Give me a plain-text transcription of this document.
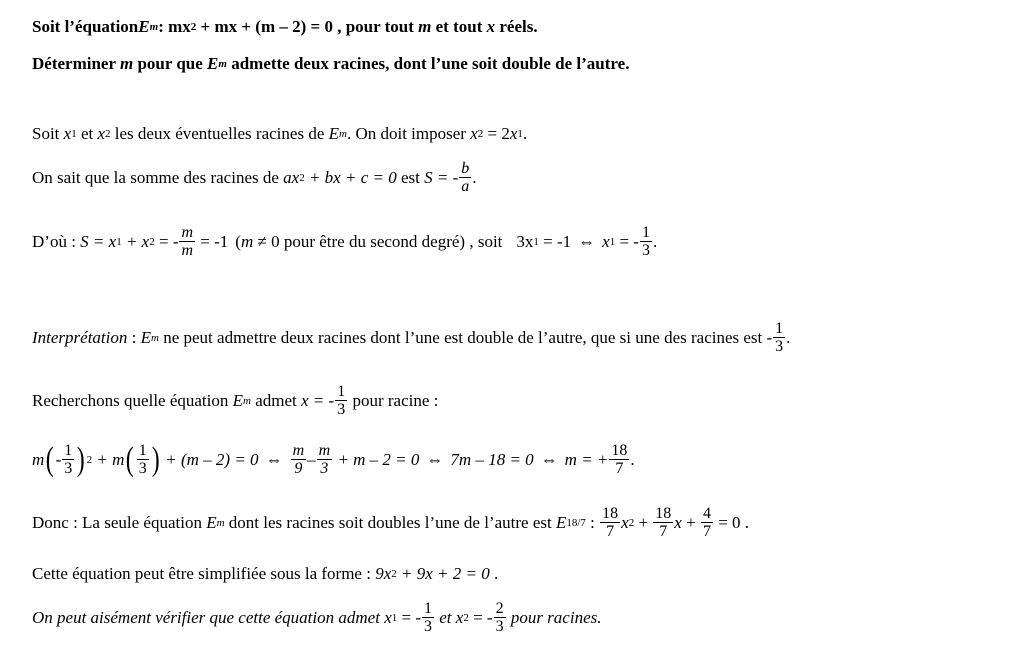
Soit l’équation E m : mx 2 + mx + (m – 2) = 0 , pour tout m et tout x réels.
Déterminer m pour que E m admette deux racines, dont l’une soit double de l’autre.
Soit x 1 et x 2 les deux éventuelles racines de E m . On doit imposer x 2 = 2 x 1 .
On sait que la somme des racines de ax 2 + bx + c = 0 est S = - $\frac{b}{a}$ .
D’où : S = x 1 + x 2 = - $\frac{m}{m} = -1$ ( m ≠ 0 pour être du second degré) , soit 3x 1 = -1 ⇔ x 1 = - $\frac{1}{3}$ .
Interprétation : E m ne peut admettre deux racines dont l’une est double de l’autre, que si une des racines est - $\frac{1}{3}$ .
Recherchons quelle équation E m admet x = - $\frac{1}{3}$ pour racine :
m ( - $\frac{1}{3}$ ) 2 + m ( $\frac{1}{3}$ ) + (m – 2) = 0 ⇔ $\frac{m}{9} - \frac{m}{3} + m - 2 = 0$ ⇔ 7m – 18 = 0 ⇔ m = + $\frac{18}{7}$ .
Donc : La seule équation E m dont les racines soit doubles l’une de l’autre est E 18/7 : $\frac{18}{7}$ x $2 + \frac{18}{7}$ $x + \frac{4}{7} = 0$ .
Cette équation peut être simplifiée sous la forme : 9x 2 + 9x + 2 = 0 .
On peut aisément vérifier que cette équation admet x 1 = - $\frac{1}{3}$ et x 2 = - $\frac{2}{3}$ pour racines.
